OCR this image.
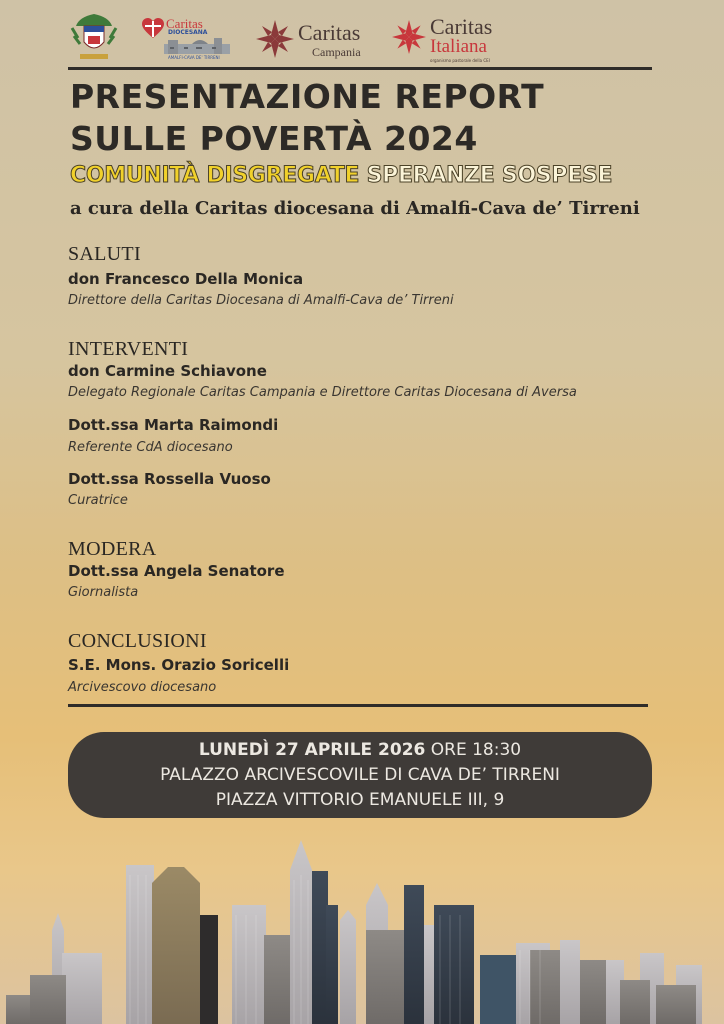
Caritas
DIOCESANA
AMALFI-CAVA DE' TIRRENI
Caritas
Campania
Caritas
Italiana
organismo pastorale della CEI
PRESENTAZIONE REPORT
SULLE POVERTÀ 2024
COMUNITÀ DISGREGATE SPERANZE SOSPESE
a cura della Caritas diocesana di Amalfi-Cava de’ Tirreni
SALUTI
don Francesco Della Monica
Direttore della Caritas Diocesana di Amalfi-Cava de’ Tirreni
INTERVENTI
don Carmine Schiavone
Delegato Regionale Caritas Campania e Direttore Caritas Diocesana di Aversa
Dott.ssa Marta Raimondi
Referente CdA diocesano
Dott.ssa Rossella Vuoso
Curatrice
MODERA
Dott.ssa Angela Senatore
Giornalista
CONCLUSIONI
S.E. Mons. Orazio Soricelli
Arcivescovo diocesano
LUNEDÌ 27 APRILE 2026 ORE 18:30
PALAZZO ARCIVESCOVILE DI CAVA DE’ TIRRENI
PIAZZA VITTORIO EMANUELE III, 9
